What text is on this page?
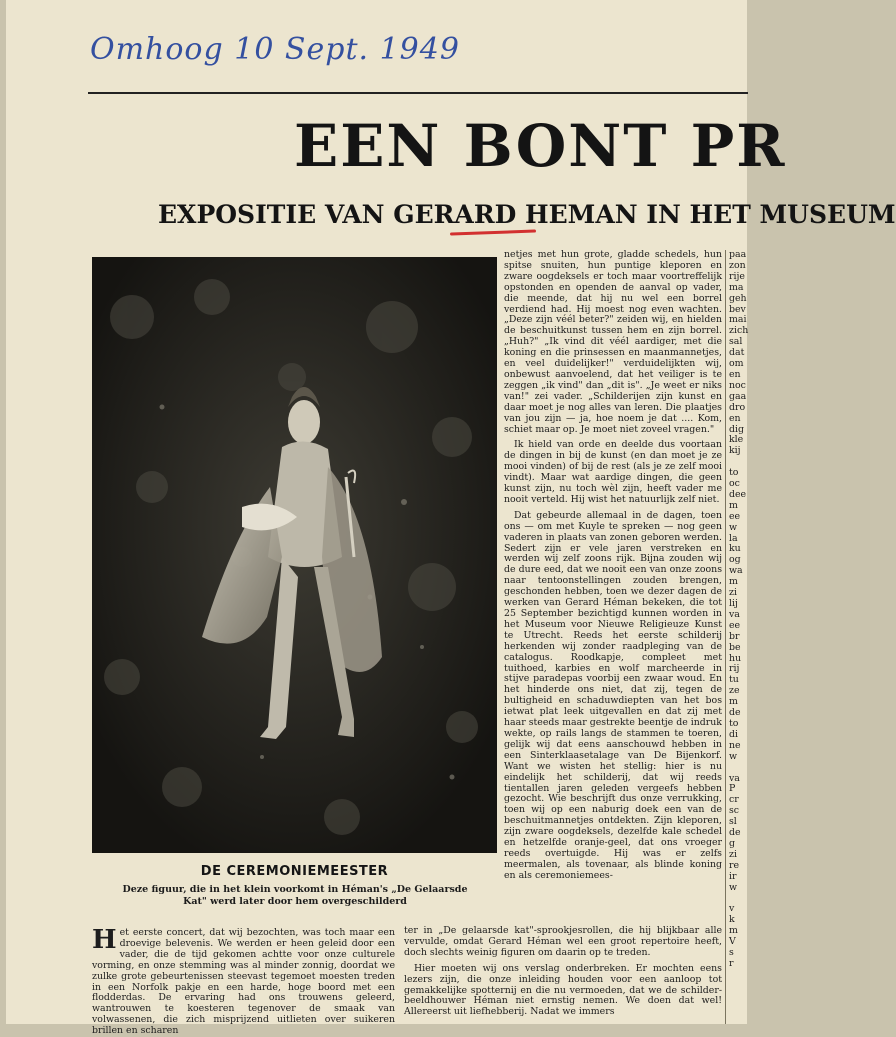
Omhoog 10 Sept. 1949
EEN BONT PR
EXPOSITIE VAN GERARD HEMAN IN HET MUSEUM
DE CEREMONIEMEESTER
Deze figuur, die in het klein voorkomt in Héman's „De Gelaarsde Kat" werd later door hem overgeschilderd

netjes met hun grote, gladde schedels, hun spitse snuiten, hun puntige kleporen en zware oogdeksels er toch maar voortreffelijk opstonden en openden de aanval op vader, die meende, dat hij nu wel een borrel verdiend had. Hij moest nog even wachten. „Deze zijn véél beter?" zeiden wij, en hielden de beschuitkunst tussen hem en zijn borrel. „Huh?" „Ik vind dit véél aardiger, met die koning en die prinsessen en maanmannetjes, en veel duidelijker!" verduidelijkten wij, onbewust aanvoelend, dat het veiliger is te zeggen „ik vind" dan „dit is". „Je weet er niks van!" zei vader. „Schilderijen zijn kunst en daar moet je nog alles van leren. Die plaatjes van jou zijn — ja, hoe noem je dat .... Kom, schiet maar op. Je moet niet zoveel vragen."

Ik hield van orde en deelde dus voortaan de dingen in bij de kunst (en dan moet je ze mooi vinden) of bij de rest (als je ze zelf mooi vindt). Maar wat aardige dingen, die geen kunst zijn, nu toch wèl zijn, heeft vader me nooit verteld. Hij wist het natuurlijk zelf niet.

Dat gebeurde allemaal in de dagen, toen ons — om met Kuyle te spreken — nog geen vaderen in plaats van zonen geboren werden. Sedert zijn er vele jaren verstreken en werden wij zelf zoons rijk. Bijna zouden wij de dure eed, dat we nooit een van onze zoons naar tentoonstellingen zouden brengen, geschonden hebben, toen we dezer dagen de werken van Gerard Héman bekeken, die tot 25 September bezichtigd kunnen worden in het Museum voor Nieuwe Religieuze Kunst te Utrecht. Reeds het eerste schilderij herkenden wij zonder raadpleging van de catalogus. Roodkapje, compleet met tuithoed, karbies en wolf marcheerde in stijve paradepas voorbij een zwaar woud. En het hinderde ons niet, dat zij, tegen de bultigheid en schaduwdiepten van het bos ietwat plat leek uitgevallen en dat zij met haar steeds maar gestrekte beentje de indruk wekte, op rails langs de stammen te toeren, gelijk wij dat eens aanschouwd hebben in een Sinterklaasetalage van De Bijenkorf. Want we wisten het stellig: hier is nu eindelijk het schilderij, dat wij reeds tientallen jaren geleden vergeefs hebben gezocht. Wie beschrijft dus onze verrukking, toen wij op een naburig doek een van de beschuitmannetjes ontdekten. Zijn kleporen, zijn zware oogdeksels, dezelfde kale schedel en hetzelfde oranje-geel, dat ons vroeger reeds overtuigde. Hij was er zelfs meermalen, als tovenaar, als blinde koning en als ceremoniemees-

Het eerste concert, dat wij bezochten, was toch maar een droevige belevenis. We werden er heen geleid door een vader, die de tijd gekomen achtte voor onze culturele vorming, en onze stemming was al minder zonnig, doordat we zulke grote gebeurtenissen steevast tegemoet moesten treden in een Norfolk pakje en een harde, hoge boord met een flodderdas. De ervaring had ons trouwens geleerd, wantrouwen te koesteren tegenover de smaak van volwassenen, die zich misprijzend uitlieten over suikeren brillen en scharen

ter in „De gelaarsde kat"-sprookjesrollen, die hij blijkbaar alle vervulde, omdat Gerard Héman wel een groot repertoire heeft, doch slechts weinig figuren om daarin op te treden.

Hier moeten wij ons verslag onderbreken. Er mochten eens lezers zijn, die onze inleiding houden voor een aanloop tot gemakkelijke spotternij en die nu vermoeden, dat we de schilder-beeldhouwer Héman niet ernstig nemen. We doen dat wel! Allereerst uit liefhebberij. Nadat we immers

paa
zon
rije
ma
geh
bev
mai
zich
sal
dat
om
en
noc
gaa
dro
en
dig
kle
kij

to
oc
dee
m
ee
w
la
ku
og
wa
m
zi
lij
va
ee
br
be
hu
rij
tu
ze
m
de
to
di
ne
w

va
P
cr
sc
sl
de
g
zi
re
ir
w

v
k
m
V
s
r
